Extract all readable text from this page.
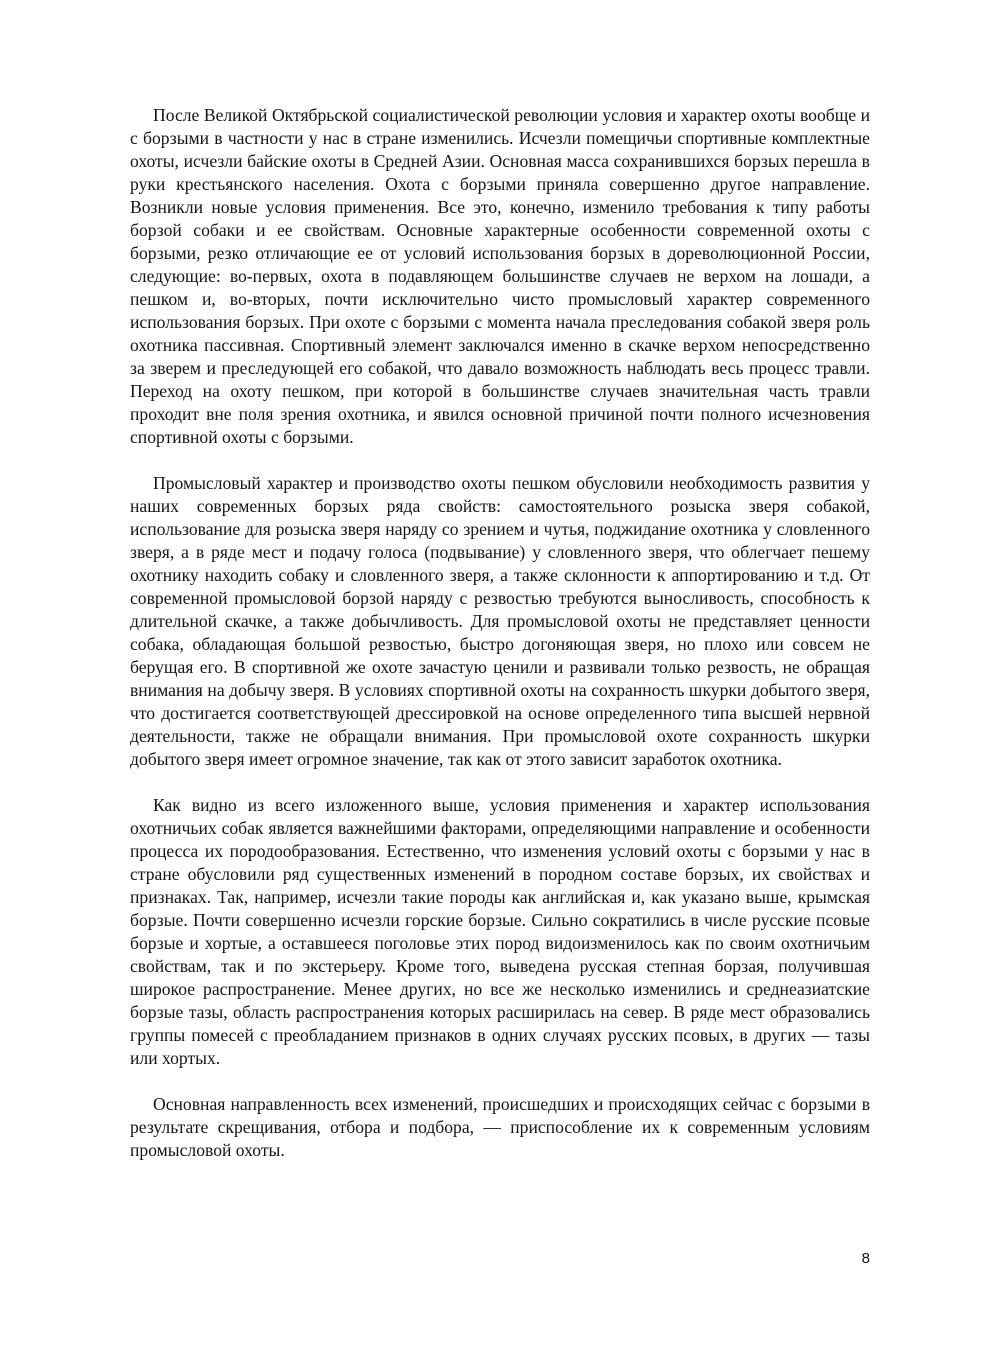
После Великой Октябрьской социалистической революции условия и характер охоты вообще и с борзыми в частности у нас в стране изменились. Исчезли помещичьи спортивные комплектные охоты, исчезли байские охоты в Средней Азии. Основная масса сохранившихся борзых перешла в руки крестьянского населения. Охота с борзыми приняла совершенно другое направление. Возникли новые условия применения. Все это, конечно, изменило требования к типу работы борзой собаки и ее свойствам. Основные характерные особенности современной охоты с борзыми, резко отличающие ее от условий использования борзых в дореволюционной России, следующие: во-первых, охота в подавляющем большинстве случаев не верхом на лошади, а пешком и, во-вторых, почти исключительно чисто промысловый характер современного использования борзых. При охоте с борзыми с момента начала преследования собакой зверя роль охотника пассивная. Спортивный элемент заключался именно в скачке верхом непосредственно за зверем и преследующей его собакой, что давало возможность наблюдать весь процесс травли. Переход на охоту пешком, при которой в большинстве случаев значительная часть травли проходит вне поля зрения охотника, и явился основной причиной почти полного исчезновения спортивной охоты с борзыми.

Промысловый характер и производство охоты пешком обусловили необходимость развития у наших современных борзых ряда свойств: самостоятельного розыска зверя собакой, использование для розыска зверя наряду со зрением и чутья, поджидание охотника у словленного зверя, а в ряде мест и подачу голоса (подвывание) у словленного зверя, что облегчает пешему охотнику находить собаку и словленного зверя, а также склонности к аппортированию и т.д. От современной промысловой борзой наряду с резвостью требуются выносливость, способность к длительной скачке, а также добычливость. Для промысловой охоты не представляет ценности собака, обладающая большой резвостью, быстро догоняющая зверя, но плохо или совсем не берущая его. В спортивной же охоте зачастую ценили и развивали только резвость, не обращая внимания на добычу зверя. В условиях спортивной охоты на сохранность шкурки добытого зверя, что достигается соответствующей дрессировкой на основе определенного типа высшей нервной деятельности, также не обращали внимания. При промысловой охоте сохранность шкурки добытого зверя имеет огромное значение, так как от этого зависит заработок охотника.

Как видно из всего изложенного выше, условия применения и характер использования охотничьих собак является важнейшими факторами, определяющими направление и особенности процесса их породообразования. Естественно, что изменения условий охоты с борзыми у нас в стране обусловили ряд существенных изменений в породном составе борзых, их свойствах и признаках. Так, например, исчезли такие породы как английская и, как указано выше, крымская борзые. Почти совершенно исчезли горские борзые. Сильно сократились в числе русские псовые борзые и хортые, а оставшееся поголовье этих пород видоизменилось как по своим охотничьим свойствам, так и по экстерьеру. Кроме того, выведена русская степная борзая, получившая широкое распространение. Менее других, но все же несколько изменились и среднеазиатские борзые тазы, область распространения которых расширилась на север. В ряде мест образовались группы помесей с преобладанием признаков в одних случаях русских псовых, в других — тазы или хортых.

Основная направленность всех изменений, происшедших и происходящих сейчас с борзыми в результате скрещивания, отбора и подбора, — приспособление их к современным условиям промысловой охоты.

8
